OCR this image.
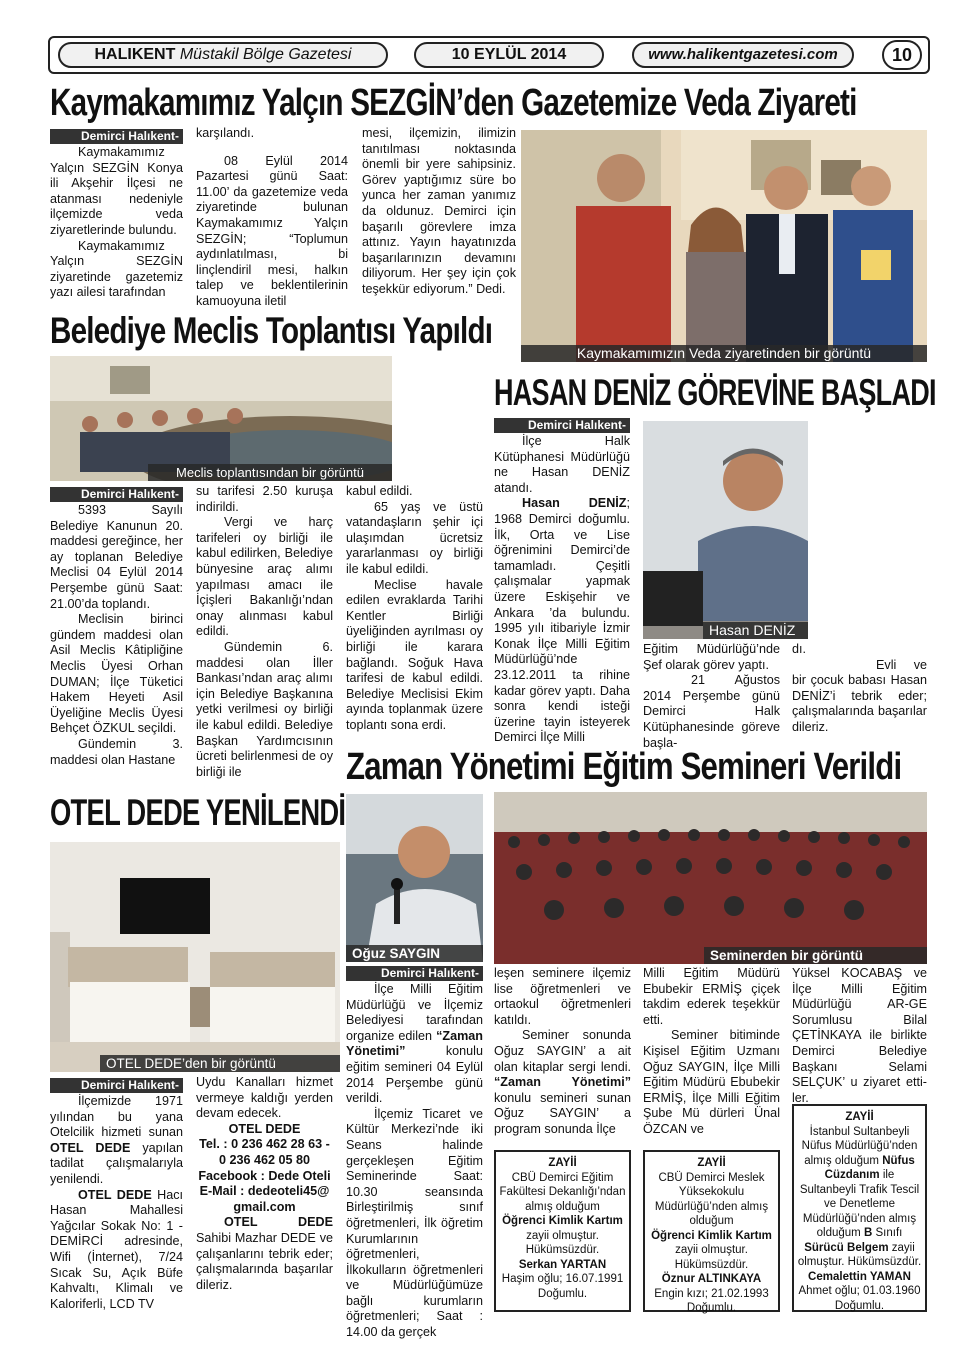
HALIKENT Müstakil Bölge Gazetesi	10 EYLÜL 2014	www.halikentgazetesi.com	10
Kaymakamımız Yalçın SEZGİN’den Gazetemize Veda Ziyareti
Demirci Halıkent-

Kaymakamımız Yalçın SEZGİN Konya ili Akşehir İlçesi ne atanması nedeniyle ilçemizde veda ziyaretlerinde bulundu.

Kaymakamımız Yalçın SEZGİN ziyaretinde gazetemiz yazı ailesi tarafından

karşılandı.

08 Eylül 2014 Pazartesi günü Saat: 11.00’ da gazetemize veda ziyaretinde bulunan Kaymakamımız Yalçın SEZGİN; “Toplumun aydınlatılması, bi linçlendiril mesi, halkın talep ve beklentilerinin kamuoyuna iletil

mesi, ilçemizin, ilimizin tanıtılması noktasında önemli bir yere sahipsiniz. Görev yaptığımız süre bo yunca her zaman yanımız da oldunuz. Demirci için başarılı görevlere imza attınız. Yayın hayatınızda başarılarınızın devamını diliyorum. Her şey için çok teşekkür ediyorum.” Dedi.

Kaymakamımızın Veda ziyaretinden bir görüntü
Belediye Meclis Toplantısı Yapıldı
Meclis toplantısından bir görüntü
Demirci Halıkent-

5393 Sayılı Belediye Kanunun 20. maddesi gereğince, her ay toplanan Belediye Meclisi 04 Eylül 2014 Perşembe günü Saat: 21.00’da toplandı.

Meclisin birinci gündem maddesi olan Asil Meclis Kâtipliğine Meclis Üyesi Orhan DUMAN; İlçe Tüketici Hakem Heyeti Asil Üyeliğine Meclis Üyesi Behçet ÖZKUL seçildi.

Gündemin 3. maddesi olan Hastane

su tarifesi 2.50 kuruşa indirildi.

Vergi ve harç tarifeleri oy birliği ile kabul edilirken, Belediye bünyesine araç alımı yapılması amacı ile İçişleri Bakanlığı’ndan onay alınması kabul edildi.

Gündemin 6. maddesi olan İller Bankası’ndan araç alımı için Belediye Başkanına yetki verilmesi oy birliği ile kabul edildi. Belediye Başkan Yardımcısının ücreti belirlenmesi de oy birliği ile

kabul edildi.

65 yaş ve üstü vatandaşların şehir içi ulaşımdan ücretsiz yararlanması oy birliği ile kabul edildi.

Meclise havale edilen evraklarda Tarihi Kentler Birliği üyeliğinden ayrılması oy birliği ile karara bağlandı. Soğuk Hava tarifesi de kabul edildi. Belediye Meclisisi Ekim ayında toplanmak üzere toplantı sona erdi.

HASAN DENİZ GÖREVİNE BAŞLADI
Demirci Halıkent-

İlçe Halk Kütüphanesi Müdürlüğü ne Hasan DENİZ atandı.

Hasan DENİZ; 1968 Demirci doğumlu. İlk, Orta ve Lise öğrenimini Demirci’de tamamladı. Çeşitli çalışmalar yapmak üzere Eskişehir ve Ankara ’da bulundu. 1995 yılı itibariyle İzmir Konak İlçe Milli Eğitim Müdürlüğü’nde 23.12.2011 ta rihine kadar görev yaptı. Daha sonra kendi isteği üzerine tayin isteyerek Demirci İlçe Milli

Hasan DENİZ

Eğitim Müdürlüğü’nde Şef olarak görev yaptı.

21 Ağustos 2014 Perşembe günü Demirci Halk Kütüphanesinde göreve başla-

dı.

Evli ve bir çocuk babası Hasan DENİZ’i tebrik eder; çalışmalarında başarılar dileriz.

Zaman Yönetimi Eğitim Semineri Verildi
OTEL DEDE YENİLENDİ
OTEL DEDE’den bir görüntü
Demirci Halıkent-

İlçemizde 1971 yılından bu yana Otelcilik hizmeti sunan OTEL DEDE yapılan tadilat çalışmalarıyla yenilendi.

OTEL DEDE Hacı Hasan Mahallesi Yağcılar Sokak No: 1 - DEMİRCİ adresinde, Wifi (İnternet), 7/24 Sıcak Su, Açık Büfe Kahvaltı, Klimalı ve Kaloriferli, LCD TV

Uydu Kanalları hizmet vermeye kaldığı yerden devam edecek.

OTEL DEDE

Tel. : 0 236 462 28 63 - 0 236 462 05 80

Facebook : Dede Oteli E-Mail : dedeoteli45@ gmail.com

OTEL DEDE Sahibi Mazhar DEDE ve çalışanlarını tebrik eder; çalışmalarında başarılar dileriz.

Oğuz SAYGIN	Seminerden bir görüntü
Demirci Halıkent-

İlçe Milli Eğitim Müdürlüğü ve İlçemiz Belediyesi tarafından organize edilen “Zaman Yönetimi”	konulu eğitim semineri 04 Eylül 2014 Perşembe günü verildi.

İlçemiz Ticaret ve Kültür Merkezi’nde iki Seans halinde gerçekleşen Eğitim Seminerinde Saat: 10.30 seansında Birleştirilmiş sınıf öğretmenleri, İlk öğretim Kurumlarının öğretmenleri, İlkokulların öğretmenleri ve Müdürlüğümüze bağlı kurumların öğretmenleri; Saat : 14.00 da gerçek

leşen seminere ilçemiz lise öğretmenleri ve ortaokul öğretmenleri katıldı.

Seminer sonunda Oğuz SAYGIN’ a ait olan kitaplar sergi lendi. “Zaman Yönetimi” konulu semineri sunan Oğuz SAYGIN’ a program sonunda İlçe

Milli Eğitim Müdürü Ebubekir ERMİŞ çiçek takdim ederek teşekkür etti.

Seminer bitiminde Kişisel Eğitim Uzmanı Oğuz SAYGIN, İlçe Milli Eğitim Müdürü Ebubekir ERMİŞ, İlçe Milli Eğitim Şube Mü dürleri Ünal ÖZCAN ve

Yüksel KOCABAŞ ve İlçe Milli Eğitim Müdürlüğü AR-GE Sorumlusu Bilal ÇETİNKAYA ile birlikte Demirci Belediye Başkanı Selami SELÇUK’ u ziyaret etti-ler.

ZAYİİ
CBÜ Demirci Eğitim Fakültesi Dekanlığı’ndan almış olduğum
Öğrenci Kimlik Kartım
zayii olmuştur. Hükümsüzdür.
Serkan YARTAN
Haşim oğlu; 16.07.1991 Doğumlu.
ZAYİİ
CBÜ Demirci Meslek Yüksekokulu Müdürlüğü’nden almış olduğum
Öğrenci Kimlik Kartım
zayii olmuştur. Hükümsüzdür.
Öznur ALTINKAYA
Engin kızı; 21.02.1993 Doğumlu.
ZAYİİ
İstanbul Sultanbeyli Nüfus Müdürlüğü’nden almış olduğum Nüfus Cüzdanım ile Sultanbeyli Trafik Tescil ve Denetleme Müdürlüğü’nden almış olduğum B Sınıfı
Sürücü Belgem zayii olmuştur. Hükümsüzdür.
Cemalettin YAMAN
Ahmet oğlu; 01.03.1960 Doğumlu.
